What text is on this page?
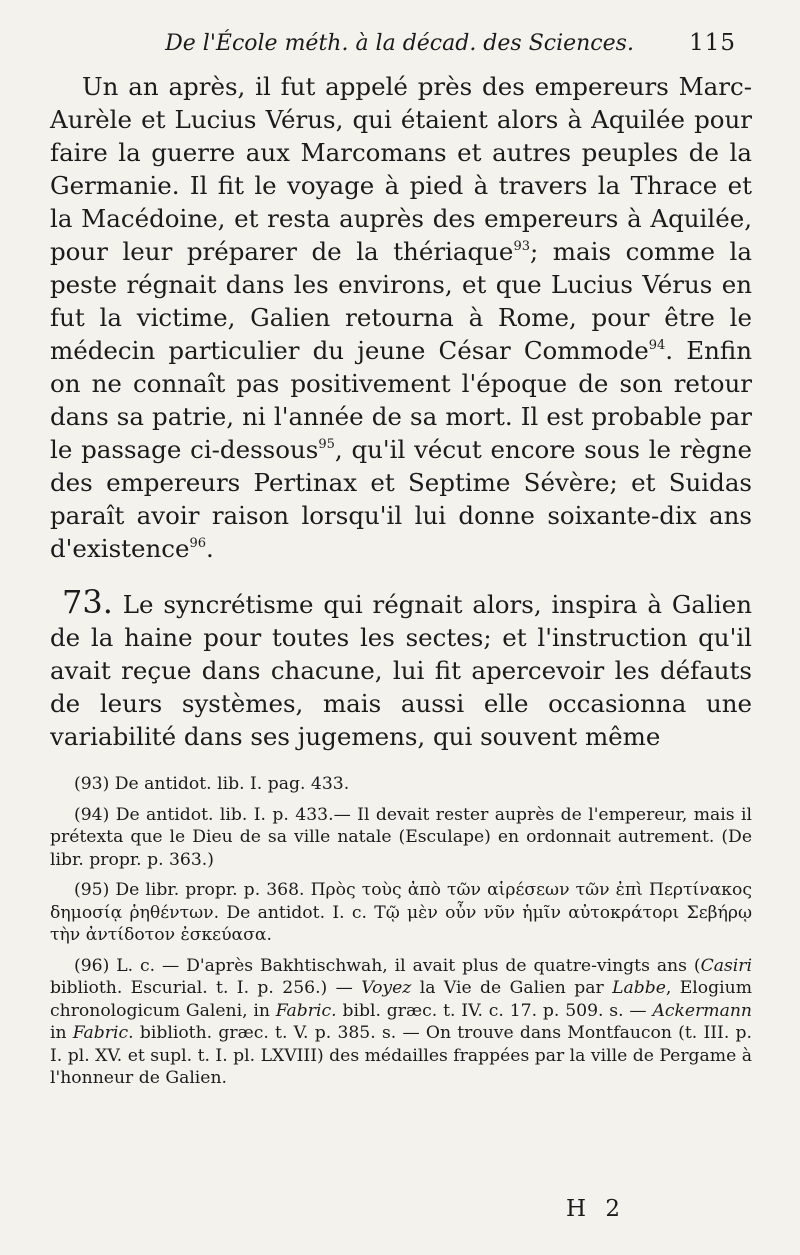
De l'École méth. à la décad. des Sciences.	115

Un an après, il fut appelé près des empereurs Marc-Aurèle et Lucius Vérus, qui étaient alors à Aquilée pour faire la guerre aux Marcomans et autres peuples de la Germanie. Il fit le voyage à pied à travers la Thrace et la Macédoine, et resta auprès des empereurs à Aquilée, pour leur préparer de la thériaque$^{93}$; mais comme la peste régnait dans les environs, et que Lucius Vérus en fut la victime, Galien retourna à Rome, pour être le médecin particulier du jeune César Commode$^{94}$. Enfin on ne connaît pas positivement l'époque de son retour dans sa patrie, ni l'année de sa mort. Il est probable par le passage ci-dessous$^{95}$, qu'il vécut encore sous le règne des empereurs Pertinax et Septime Sévère; et Suidas paraît avoir raison lorsqu'il lui donne soixante-dix ans d'existence$^{96}$.

73. Le syncrétisme qui régnait alors, inspira à Galien de la haine pour toutes les sectes; et l'instruction qu'il avait reçue dans chacune, lui fit apercevoir les défauts de leurs systèmes, mais aussi elle occasionna une variabilité dans ses jugemens, qui souvent même

(93) De antidot. lib. I. pag. 433.
(94) De antidot. lib. I. p. 433.— Il devait rester auprès de l'empereur, mais il prétexta que le Dieu de sa ville natale (Esculape) en ordonnait autrement. (De libr. propr. p. 363.)
(95) De libr. propr. p. 368. Πρὸς τοὺς ἀπὸ τῶν αἱρέσεων τῶν ἐπὶ Περτίνακος δημοσίᾳ ῥηθέντων. De antidot. I. c. Τῷ μὲν οὖν νῦν ἡμῖν αὐτοκράτορι Σεβήρῳ τὴν ἀντίδοτον ἐσκεύασα.
(96) L. c. — D'après Bakhtischwah, il avait plus de quatre-vingts ans (Casiri biblioth. Escurial. t. I. p. 256.) — Voyez la Vie de Galien par Labbe, Elogium chronologicum Galeni, in Fabric. bibl. græc. t. IV. c. 17. p. 509. s. — Ackermann in Fabric. biblioth. græc. t. V. p. 385. s. — On trouve dans Montfaucon (t. III. p. I. pl. XV. et supl. t. I. pl. LXVIII) des médailles frappées par la ville de Pergame à l'honneur de Galien.
H 2
